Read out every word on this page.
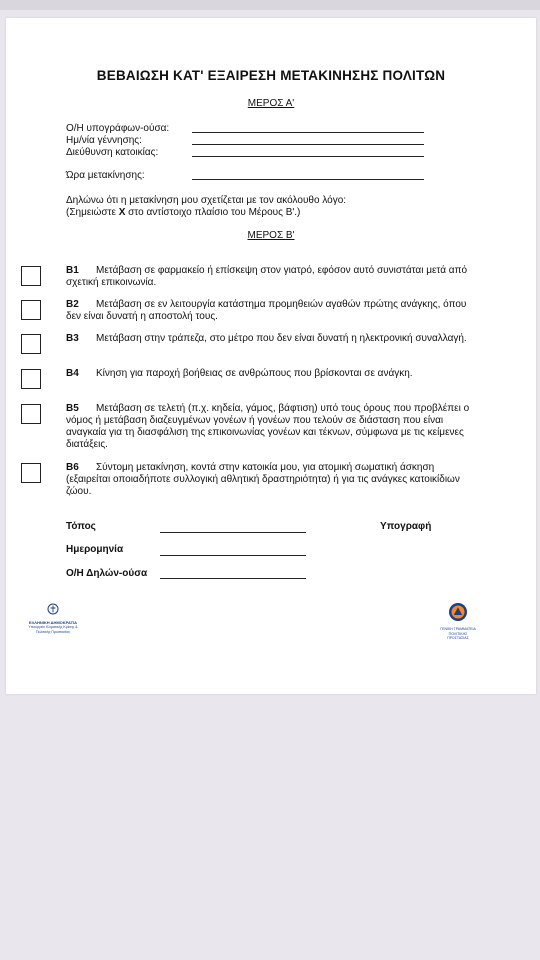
ΒΕΒΑΙΩΣΗ ΚΑΤ' ΕΞΑΙΡΕΣΗ ΜΕΤΑΚΙΝΗΣΗΣ ΠΟΛΙΤΩΝ
ΜΕΡΟΣ Α'
Ο/Η υπογράφων-ούσα:
Ημ/νία γέννησης:
Διεύθυνση κατοικίας:
Ώρα μετακίνησης:
Δηλώνω ότι η μετακίνηση μου σχετίζεται με τον ακόλουθο λόγο:
(Σημειώστε Χ στο αντίστοιχο πλαίσιο του Μέρους Β'.)
ΜΕΡΟΣ Β'
Β1 Μετάβαση σε φαρμακείο ή επίσκεψη στον γιατρό, εφόσον αυτό συνιστάται μετά από σχετική επικοινωνία.
Β2 Μετάβαση σε εν λειτουργία κατάστημα προμηθειών αγαθών πρώτης ανάγκης, όπου δεν είναι δυνατή η αποστολή τους.
Β3 Μετάβαση στην τράπεζα, στο μέτρο που δεν είναι δυνατή η ηλεκτρονική συναλλαγή.
Β4 Κίνηση για παροχή βοήθειας σε ανθρώπους που βρίσκονται σε ανάγκη.
Β5 Μετάβαση σε τελετή (π.χ. κηδεία, γάμος, βάφτιση) υπό τους όρους που προβλέπει ο νόμος ή μετάβαση διαζευγμένων γονέων ή γονέων που τελούν σε διάσταση που είναι αναγκαία για τη διασφάλιση της επικοινωνίας γονέων και τέκνων, σύμφωνα με τις κείμενες διατάξεις.
Β6 Σύντομη μετακίνηση, κοντά στην κατοικία μου, για ατομική σωματική άσκηση (εξαιρείται οποιαδήποτε συλλογική αθλητική δραστηριότητα) ή για τις ανάγκες κατοικίδιων ζώου.
Τόπος	Υπογραφή
Ημερομηνία
Ο/Η Δηλών-ούσα
ΕΛΛΗΝΙΚΗ ΔΗΜΟΚΡΑΤΙΑ
Υπουργείο Κλιματικής Κρίσης & Πολιτικής Προστασίας
ΓΕΝΙΚΗ ΓΡΑΜΜΑΤΕΙΑ
ΠΟΛΙΤΙΚΗΣ ΠΡΟΣΤΑΣΙΑΣ
